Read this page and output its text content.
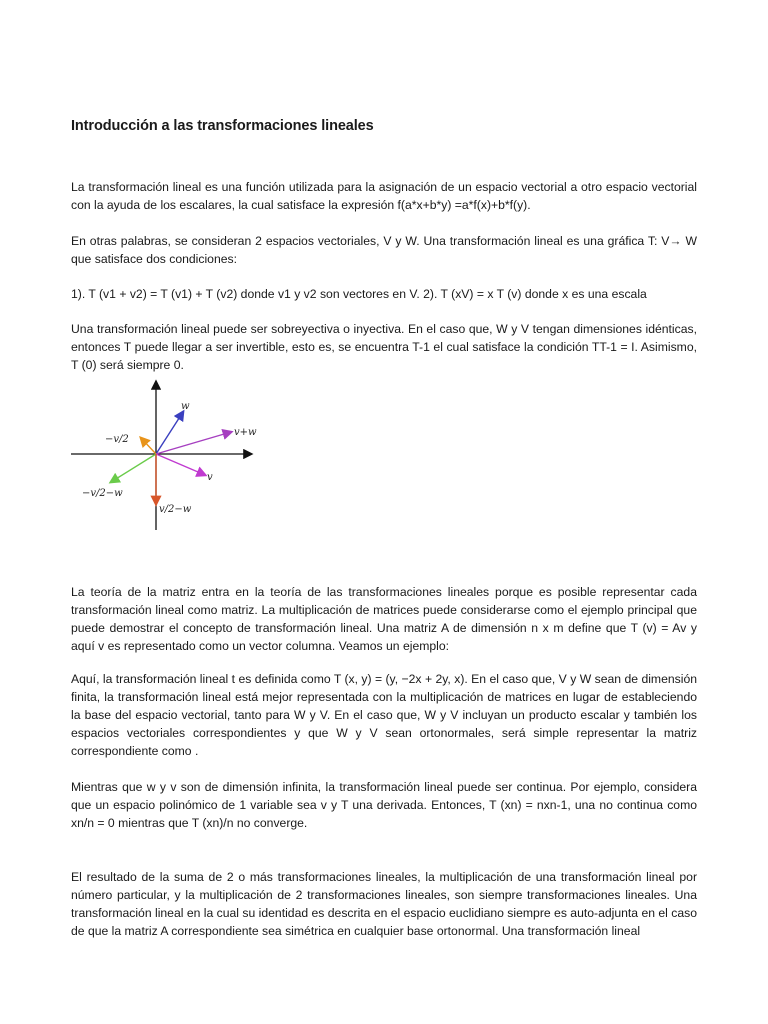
Introducción a las transformaciones lineales

La transformación lineal es una función utilizada para la asignación de un espacio vectorial a otro espacio vectorial con la ayuda de los escalares, la cual satisface la expresión f(a*x+b*y) =a*f(x)+b*f(y).

En otras palabras, se consideran 2 espacios vectoriales, V y W. Una transformación lineal es una gráfica T: V→ W que satisface dos condiciones:

1). T (v1 + v2) = T (v1) + T (v2) donde v1 y v2 son vectores en V. 2). T (xV) = x T (v) donde x es una escala

Una transformación lineal puede ser sobreyectiva o inyectiva. En el caso que, W y V tengan dimensiones idénticas, entonces T puede llegar a ser invertible, esto es, se encuentra T-1 el cual satisface la condición TT-1 = I. Asimismo, T (0) será siempre 0.

w
v+w
−v/2
v
−v/2−w
v/2−w

La teoría de la matriz entra en la teoría de las transformaciones lineales porque es posible representar cada transformación lineal como matriz. La multiplicación de matrices puede considerarse como el ejemplo principal que puede demostrar el concepto de transformación lineal. Una matriz A de dimensión n x m define que T (v) = Av y aquí v es representado como un vector columna. Veamos un ejemplo:

Aquí, la transformación lineal t es definida como T (x, y) = (y, −2x + 2y, x). En el caso que, V y W sean de dimensión finita, la transformación lineal está mejor representada con la multiplicación de matrices en lugar de estableciendo la base del espacio vectorial, tanto para W y V. En el caso que, W y V incluyan un producto escalar y también los espacios vectoriales correspondientes y que W y V sean ortonormales, será simple representar la matriz correspondiente como .

Mientras que w y v son de dimensión infinita, la transformación lineal puede ser continua. Por ejemplo, considera que un espacio polinómico de 1 variable sea v y T una derivada. Entonces, T (xn) = nxn-1, una no continua como xn/n = 0 mientras que T (xn)/n no converge.

El resultado de la suma de 2 o más transformaciones lineales, la multiplicación de una transformación lineal por número particular, y la multiplicación de 2 transformaciones lineales, son siempre transformaciones lineales. Una transformación lineal en la cual su identidad es descrita en el espacio euclidiano siempre es auto-adjunta en el caso de que la matriz A correspondiente sea simétrica en cualquier base ortonormal. Una transformación lineal
